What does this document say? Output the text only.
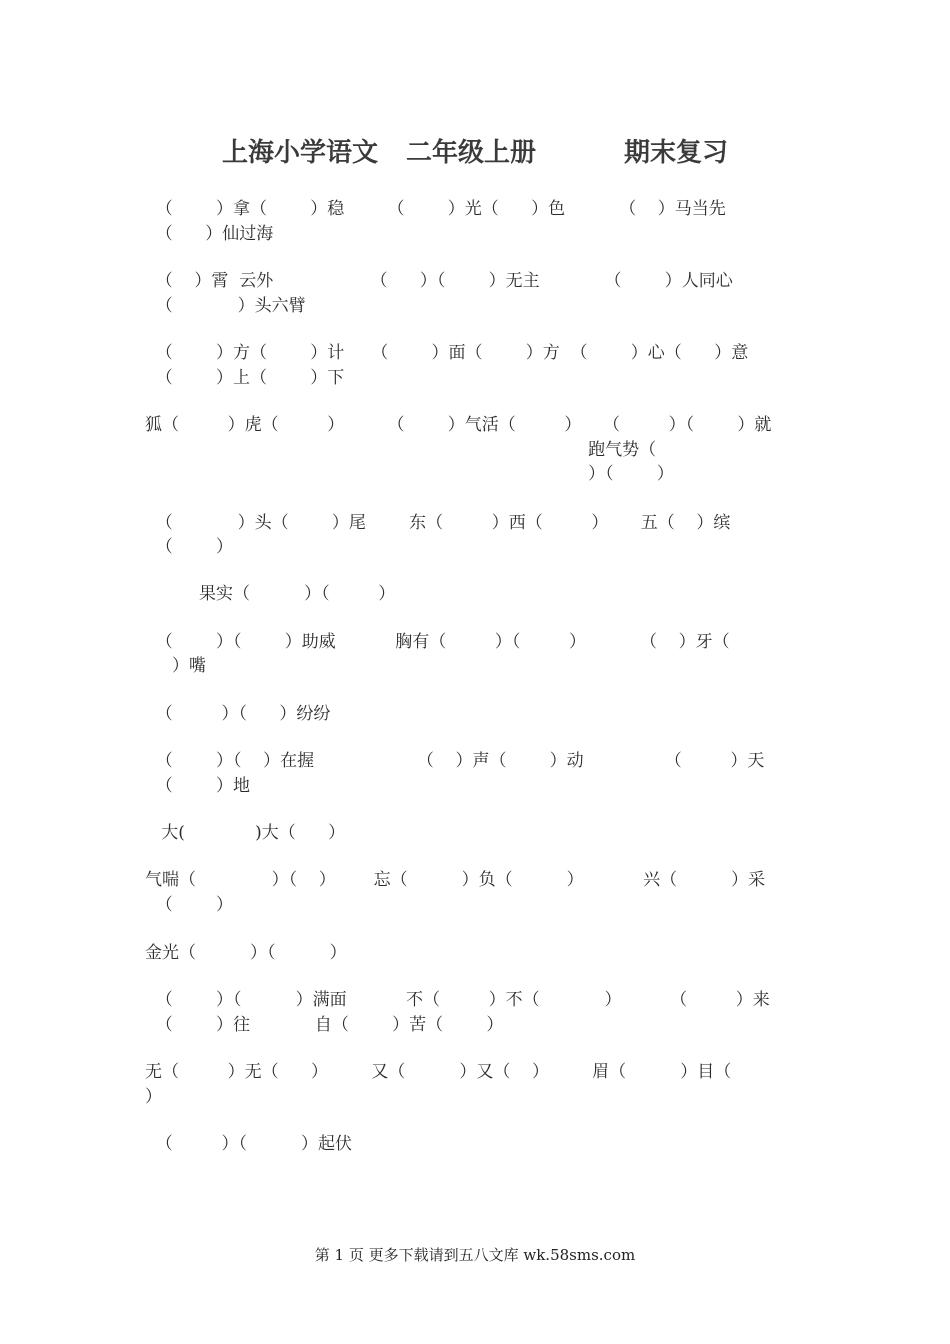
上海小学语文 二年级上册	期末复习
（        ）拿（        ）稳        （        ）光（      ）色          （    ）马当先
（      ）仙过海
（    ）霄  云外                  （      ）（        ）无主            （        ）人同心
（            ）头六臂
（        ）方（        ）计     （        ）面（        ）方  （        ）心（      ）意
（        ）上（        ）下
狐（         ）虎（         ）        （        ）气活（         ）    （         ）（        ）就
跑气势（
）（        ）
（            ）头（        ）尾        东（         ）西（         ）      五（    ）缤
（        ）
果实（          ）（         ）
（        ）（        ）助威           胸有（         ）（         ）          （    ）牙（
）嘴
（         ）（      ）纷纷
（        ）（    ）在握                   （    ）声（        ）动               （         ）天
（        ）地
大(             )大（      ）
气喘（              ）（    ）       忘（          ）负（          ）           兴（          ）采
（        ）
金光（          ）（          ）
（        ）（          ）满面           不（         ）不（            ）         （         ）来
（        ）往            自（        ）苦（        ）
无（         ）无（      ）        又（          ）又（    ）        眉（          ）目（
）
（         ）（          ）起伏
第 1 页 更多下载请到五八文库 wk.58sms.com
